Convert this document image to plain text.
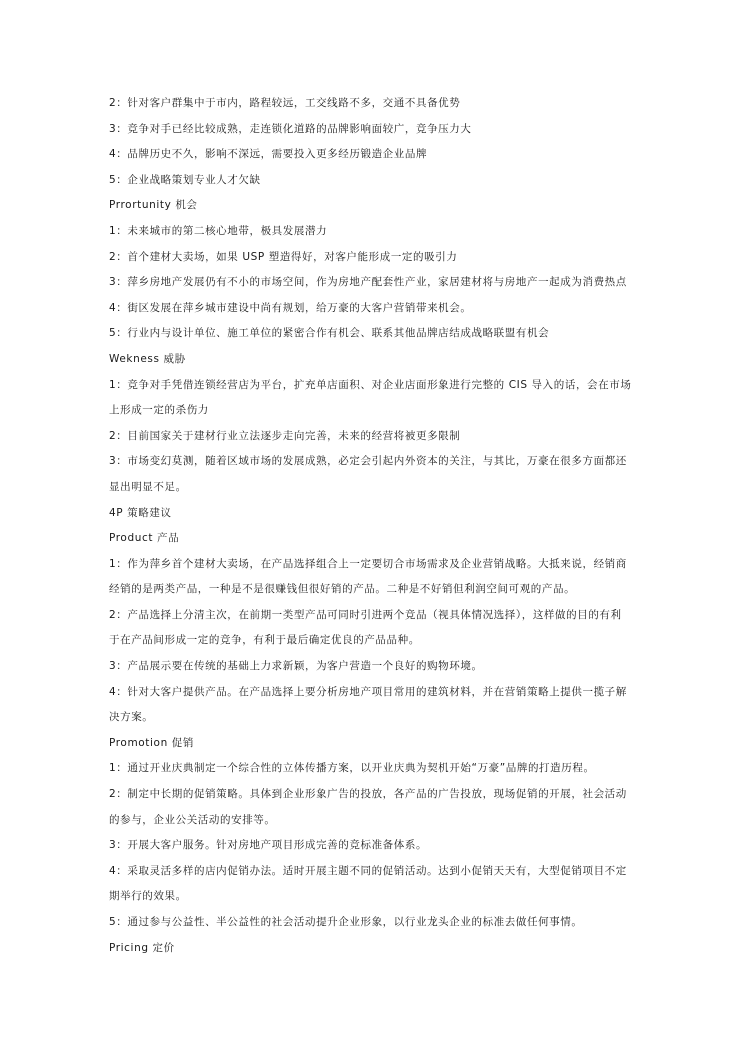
2：针对客户群集中于市内，路程较远，工交线路不多，交通不具备优势
3：竞争对手已经比较成熟，走连锁化道路的品牌影响面较广，竞争压力大
4：品牌历史不久，影响不深远，需要投入更多经历锻造企业品牌
5：企业战略策划专业人才欠缺
Prrortunity 机会
1：未来城市的第二核心地带，极具发展潜力
2：首个建材大卖场，如果 USP 塑造得好，对客户能形成一定的吸引力
3：萍乡房地产发展仍有不小的市场空间，作为房地产配套性产业，家居建材将与房地产一起成为消费热点
4：街区发展在萍乡城市建设中尚有规划，给万豪的大客户营销带来机会。
5：行业内与设计单位、施工单位的紧密合作有机会、联系其他品牌店结成战略联盟有机会
Wekness 威胁
1：竞争对手凭借连锁经营店为平台，扩充单店面积、对企业店面形象进行完整的 CIS 导入的话，会在市场
上形成一定的杀伤力
2：目前国家关于建材行业立法逐步走向完善，未来的经营将被更多限制
3：市场变幻莫测，随着区域市场的发展成熟，必定会引起内外资本的关注，与其比，万豪在很多方面都还
显出明显不足。
4P 策略建议
Product 产品
1：作为萍乡首个建材大卖场，在产品选择组合上一定要切合市场需求及企业营销战略。大抵来说，经销商
经销的是两类产品，一种是不是很赚钱但很好销的产品。二种是不好销但利润空间可观的产品。
2：产品选择上分清主次，在前期一类型产品可同时引进两个竞品（视具体情况选择），这样做的目的有利
于在产品间形成一定的竞争，有利于最后确定优良的产品品种。
3：产品展示要在传统的基础上力求新颖，为客户营造一个良好的购物环境。
4：针对大客户提供产品。在产品选择上要分析房地产项目常用的建筑材料，并在营销策略上提供一揽子解
决方案。
Promotion 促销
1：通过开业庆典制定一个综合性的立体传播方案，以开业庆典为契机开始“万豪”品牌的打造历程。
2：制定中长期的促销策略。具体到企业形象广告的投放，各产品的广告投放，现场促销的开展，社会活动
的参与，企业公关活动的安排等。
3：开展大客户服务。针对房地产项目形成完善的竞标准备体系。
4：采取灵活多样的店内促销办法。适时开展主题不同的促销活动。达到小促销天天有，大型促销项目不定
期举行的效果。
5：通过参与公益性、半公益性的社会活动提升企业形象，以行业龙头企业的标准去做任何事情。
Pricing 定价
